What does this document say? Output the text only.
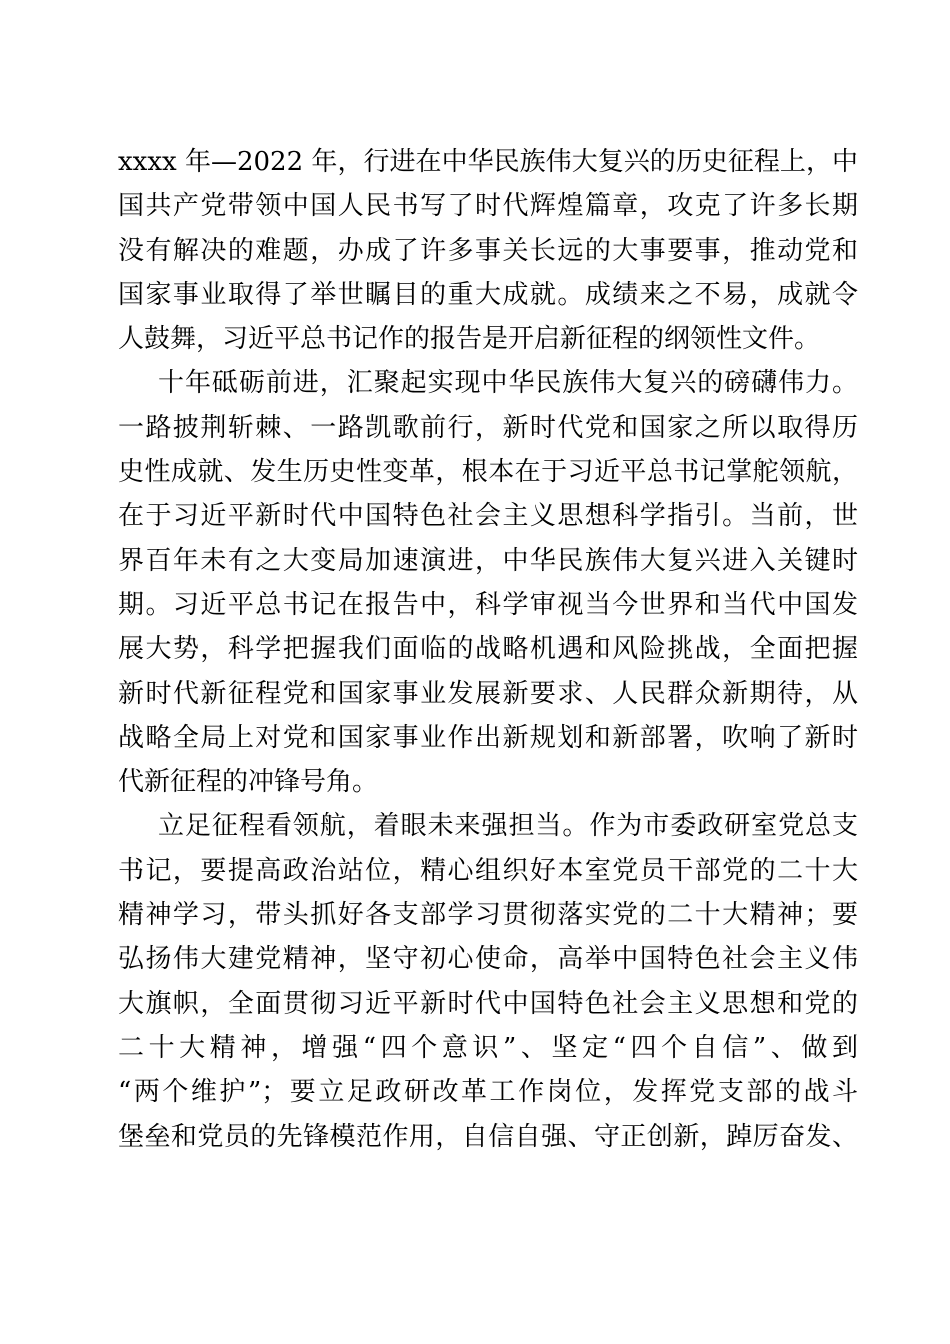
xxxx 年—2022 年，行进在中华民族伟大复兴的历史征程上，中
国共产党带领中国人民书写了时代辉煌篇章，攻克了许多长期
没有解决的难题，办成了许多事关长远的大事要事，推动党和
国家事业取得了举世瞩目的重大成就。成绩来之不易，成就令
人鼓舞，习近平总书记作的报告是开启新征程的纲领性文件。
十年砥砺前进，汇聚起实现中华民族伟大复兴的磅礴伟力。
一路披荆斩棘、一路凯歌前行，新时代党和国家之所以取得历
史性成就、发生历史性变革，根本在于习近平总书记掌舵领航，
在于习近平新时代中国特色社会主义思想科学指引。当前，世
界百年未有之大变局加速演进，中华民族伟大复兴进入关键时
期。习近平总书记在报告中，科学审视当今世界和当代中国发
展大势，科学把握我们面临的战略机遇和风险挑战，全面把握
新时代新征程党和国家事业发展新要求、人民群众新期待，从
战略全局上对党和国家事业作出新规划和新部署，吹响了新时
代新征程的冲锋号角。
立足征程看领航，着眼未来强担当。作为市委政研室党总支
书记，要提高政治站位，精心组织好本室党员干部党的二十大
精神学习，带头抓好各支部学习贯彻落实党的二十大精神；要
弘扬伟大建党精神，坚守初心使命，高举中国特色社会主义伟
大旗帜，全面贯彻习近平新时代中国特色社会主义思想和党的
二十大精神，增强“四个意识”、坚定“四个自信”、做到
“两个维护”；要立足政研改革工作岗位，发挥党支部的战斗
堡垒和党员的先锋模范作用，自信自强、守正创新，踔厉奋发、
